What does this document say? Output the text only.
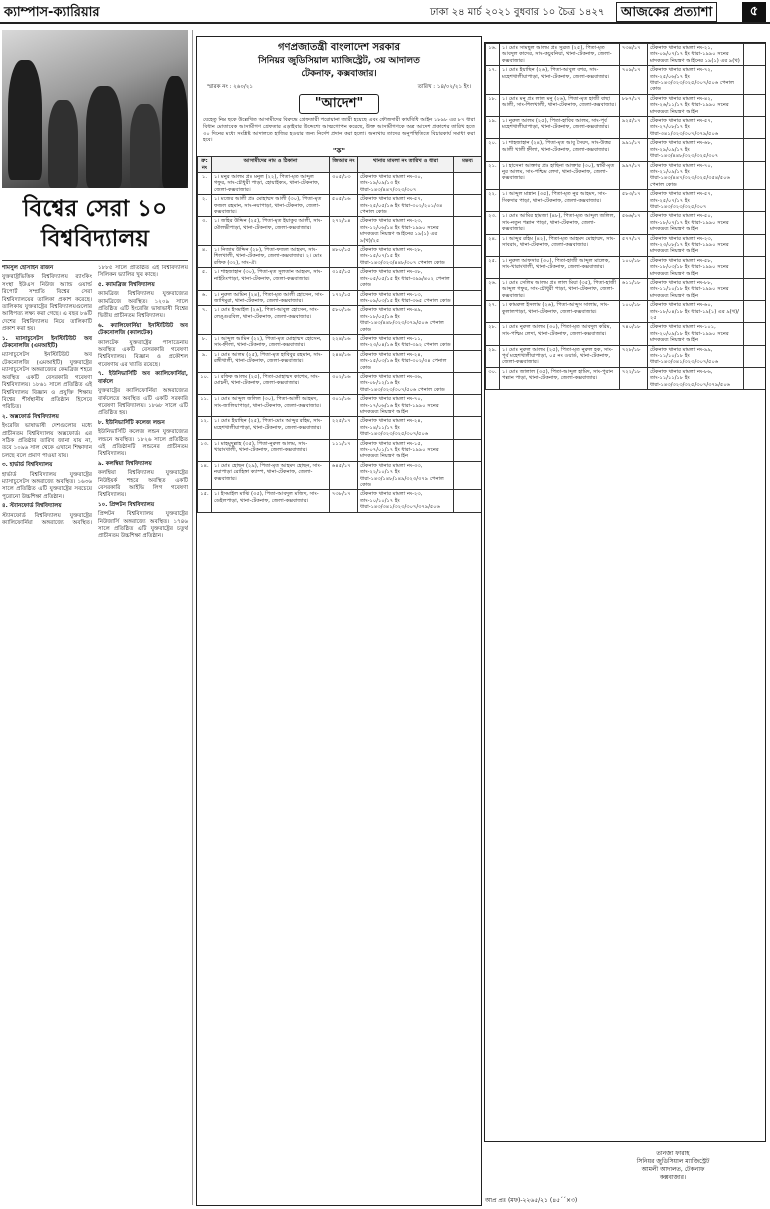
ক্যাম্পাস-ক্যারিয়ার	ঢাকা ২৪ মার্চ ২০২১ বুধবার ১০ চৈত্র ১৪২৭	আজকের প্রত্যাশা	৫
বিশ্বের সেরা ১০ বিশ্ববিদ্যালয়

শামসুল হোসাইন রাজন

যুক্তরাষ্ট্রভিত্তিক বিশ্ববিদ্যালয় র‍্যাংকিং সংস্থা ইউএস নিউজ অ্যান্ড ওয়ার্ল্ড রিপোর্ট সম্প্রতি বিশ্বের সেরা বিশ্ববিদ্যালয়ের তালিকা প্রকাশ করেছে। তালিকায় যুক্তরাষ্ট্রের বিশ্ববিদ্যালয়গুলোর আধিপত্য লক্ষ্য করা গেছে। এ বছর ৮৬টি দেশের বিশ্ববিদ্যালয় নিয়ে তালিকাটি প্রকাশ করা হয়।

১. ম্যাসাচুসেটস ইনস্টিটিউট অব টেকনোলজি (এমআইটি)

ম্যাসাচুসেটস ইনস্টিটিউট অব টেকনোলজি (এমআইটি) যুক্তরাষ্ট্রের ম্যাসাচুসেটস অঙ্গরাজ্যের কেমব্রিজ শহরে অবস্থিত একটি বেসরকারি গবেষণা বিশ্ববিদ্যালয়। ১৮৬১ সালে প্রতিষ্ঠিত এই বিশ্ববিদ্যালয় বিজ্ঞান ও প্রযুক্তি শিক্ষায় বিশ্বের শীর্ষস্থানীয় প্রতিষ্ঠান হিসেবে পরিচিত।

২. অক্সফোর্ড বিশ্ববিদ্যালয়

ইংরেজি ভাষাভাষী দেশগুলোর মধ্যে প্রাচীনতম বিশ্ববিদ্যালয় অক্সফোর্ড। এর সঠিক প্রতিষ্ঠার তারিখ জানা যায় না, তবে ১০৯৬ সাল থেকে এখানে শিক্ষাদান চলছে বলে প্রমাণ পাওয়া যায়।

৩. হার্ভার্ড বিশ্ববিদ্যালয়

হার্ভার্ড বিশ্ববিদ্যালয় যুক্তরাষ্ট্রের ম্যাসাচুসেটস অঙ্গরাজ্যে অবস্থিত। ১৬৩৬ সালে প্রতিষ্ঠিত এটি যুক্তরাষ্ট্রের সবচেয়ে পুরোনো উচ্চশিক্ষা প্রতিষ্ঠান।

৪. স্ট্যানফোর্ড বিশ্ববিদ্যালয়

স্ট্যানফোর্ড বিশ্ববিদ্যালয় যুক্তরাষ্ট্রের ক্যালিফোর্নিয়া অঙ্গরাজ্যে অবস্থিত। ১৮৮৫ সালে প্রতিষ্ঠিত এই বিশ্ববিদ্যালয় সিলিকন ভ্যালির খুব কাছে।

৫. ক্যামব্রিজ বিশ্ববিদ্যালয়

ক্যামব্রিজ বিশ্ববিদ্যালয় যুক্তরাজ্যের ক্যামব্রিজে অবস্থিত। ১২০৯ সালে প্রতিষ্ঠিত এটি ইংরেজি ভাষাভাষী বিশ্বের দ্বিতীয় প্রাচীনতম বিশ্ববিদ্যালয়।

৬. ক্যালিফোর্নিয়া ইনস্টিটিউট অব টেকনোলজি (ক্যালটেক)

ক্যালটেক যুক্তরাষ্ট্রের পাসাডেনায় অবস্থিত একটি বেসরকারি গবেষণা বিশ্ববিদ্যালয়। বিজ্ঞান ও প্রকৌশল গবেষণায় এর খ্যাতি রয়েছে।

৭. ইউনিভার্সিটি অব ক্যালিফোর্নিয়া, বার্কলে

যুক্তরাষ্ট্রের ক্যালিফোর্নিয়া অঙ্গরাজ্যের বার্কলেতে অবস্থিত এটি একটি সরকারি গবেষণা বিশ্ববিদ্যালয়। ১৮৬৮ সালে এটি প্রতিষ্ঠিত হয়।

৮. ইউনিভার্সিটি কলেজ লন্ডন

ইউনিভার্সিটি কলেজ লন্ডন যুক্তরাজ্যের লন্ডনে অবস্থিত। ১৮২৬ সালে প্রতিষ্ঠিত এই প্রতিষ্ঠানটি লন্ডনের প্রাচীনতম বিশ্ববিদ্যালয়।

৯. কলম্বিয়া বিশ্ববিদ্যালয়

কলম্বিয়া বিশ্ববিদ্যালয় যুক্তরাষ্ট্রের নিউইয়র্ক শহরে অবস্থিত একটি বেসরকারি আইভি লিগ গবেষণা বিশ্ববিদ্যালয়।

১০. প্রিন্সটন বিশ্ববিদ্যালয়

প্রিন্সটন বিশ্ববিদ্যালয় যুক্তরাষ্ট্রের নিউজার্সি অঙ্গরাজ্যে অবস্থিত। ১৭৪৬ সালে প্রতিষ্ঠিত এটি যুক্তরাষ্ট্রের চতুর্থ প্রাচীনতম উচ্চশিক্ষা প্রতিষ্ঠান।

গণপ্রজাতন্ত্রী বাংলাদেশ সরকার
সিনিয়র জুডিসিয়াল ম্যাজিস্ট্রেট, ৩য় আদালত
টেকনাফ, কক্সবাজার।
স্মারক নং : ২৬০/২১	তারিখ : ১৪/০২/২১ ইং।
"আদেশ"
যেহেতু নিম্ন ছকে উল্লেখিত আসামীদের বিরুদ্ধে গ্রেফতারী পরোয়ানা জারী হয়েছে এবং ফৌজদারী কার্যবিধি আইন ১৮৯৮ এর ৮৭ ধারা বিধান মোতাবেক আসামীগণ গ্রেফতার এড়াইবার উদ্দেশ্যে আত্মগোপন করেছে, উক্ত আসামীগণকে অত্র আদেশ প্রকাশের তারিখ হতে ৩০ দিনের মধ্যে সংশ্লিষ্ট আদালতে হাজির হওয়ার জন্য নির্দেশ প্রদান করা হলো। অন্যথায় তাদের অনুপস্থিতিতে বিচারকার্য সমাধা করা হবে।
"ক"
ক্র: নং	আসামীদের নাম ও ঠিকানা	জিআর নং	থানার মামলা নং তারিখ ও ধারা	মন্তব্য
১.	১। মনুর আলম প্রঃ মনুল (২২), পিতা-মৃত আব্দুল গফুর, সাং-চৌধুরী পাড়া, হোয়াইক্যং, থানা-টেকনাফ, জেলা-কক্সবাজার।	৩০৫/১৩	টেকনাফ থানার মামলা নং-৩০, তাং-১৯/০৯/১৩ ইং ধারা-১৪৩/৪৪৭/৩২৩/৩০৭	
২.	১। মজের আলী প্রঃ মোহাম্মদ আলী (৩০), পিতা-মৃত ফজল রহমান, সাং-নয়াপাড়া, থানা-টেকনাফ, জেলা-কক্সবাজার।	৫০৫/১৬	টেকনাফ থানার মামলা নং-৫৭, তাং-২৫/০৫/১৬ ইং ধারা-৩০২/২০১/৩৪ পেনাল কোড	
৩.	১। জহির উদ্দিন (২৫), পিতা-মৃত ইয়াকুব আলী, সাং-মৌলভীপাড়া, থানা-টেকনাফ, জেলা-কক্সবাজার।	২৭২/১৪	টেকনাফ থানার মামলা নং-২৩, তাং-১২/০৬/১৪ ইং ধারা-১৯৯০ সনের মাদকদ্রব্য নিয়ন্ত্রণ আইনের ১৯(১) এর ৯(খ)/২৫	
৪.	১। নিজাম উদ্দিন (২৮), পিতা-ফজল আহমদ, সাং-শিলখালী, থানা-টেকনাফ, জেলা-কক্সবাজার। ২। মোঃ রফিক (৩২), সাং-ঐ।	৪৮০/১৫	টেকনাফ থানার মামলা নং-২৮, তাং-১৫/০৭/১৫ ইং ধারা-১৪৩/৩২৩/৪৪৮/৩০৭ পেনাল কোড	
৫.	১। শাহজাহান (৩০), পিতা-মৃত সুলতান আহমদ, সাং-নাইট্যংপাড়া, থানা-টেকনাফ, জেলা-কক্সবাজার।	৩১৫/১৫	টেকনাফ থানার মামলা নং-৩৮, তাং-০৫/০৫/১৫ ইং ধারা-৩৯৯/৪০২ পেনাল কোড	
৬.	১। নুরুল আমিন (২৪), পিতা-মৃত আলী হোসেন, সাং-জাদিমুরা, থানা-টেকনাফ, জেলা-কক্সবাজার।	১৭২/১৫	টেকনাফ থানার মামলা নং-১৩, তাং-০৯/০৩/১৫ ইং ধারা-৩৬৫ পেনাল কোড	
৭.	১। মোঃ ইসমাইল (২৬), পিতা-আবুল হোসেন, সাং-লেঙ্গুরবিল, থানা-টেকনাফ, জেলা-কক্সবাজার।	৫৮০/১৬	টেকনাফ থানার মামলা নং-৪৯, তাং-১৮/০৫/১৬ ইং ধারা-১৪৩/৪৪৮/৩২৩/৩৭৯/৫০৬ পেনাল কোড	
৮.	১। আব্দুল আমিন (২২), পিতা-মৃত মোহাম্মদ হোসেন, সাং-হ্নীলা, থানা-টেকনাফ, জেলা-কক্সবাজার।	২২৪/১৬	টেকনাফ থানার মামলা নং-১১, তাং-২৩/০৪/১৬ ইং ধারা-৩৯২ পেনাল কোড	
৯.	১। মোঃ আলম (২৫), পিতা-মৃত হাবিবুর রহমান, সাং-রঙ্গীখালী, থানা-টেকনাফ, জেলা-কক্সবাজার।	২৪৪/১৬	টেকনাফ থানার মামলা নং-২৪, তাং-১৫/০৩/১৬ ইং ধারা-৩০২/৩৪ পেনাল কোড	
১০.	১। রফিক আলম (২৫), পিতা-মোহাম্মদ কাশেম, সাং-মোচনী, থানা-টেকনাফ, জেলা-কক্সবাজার।	৩০২/১৬	টেকনাফ থানার মামলা নং-৩৬, তাং-০৮/১২/১৬ ইং ধারা-১৪৩/৩২৩/৩০৭/৫০৬ পেনাল কোড	
১১.	১। মোঃ আব্দুল জলিল (৩০), পিতা-আলী আহমদ, সাং-জালিয়াপাড়া, থানা-টেকনাফ, জেলা-কক্সবাজার।	৩০১/১৬	টেকনাফ থানার মামলা নং-৭০, তাং-১৭/০৬/১৬ ইং ধারা-১৯৯০ সনের মাদকদ্রব্য নিয়ন্ত্রণ আইন	
১২.	১। মোঃ ইয়াছিন (২৫), পিতা-মোঃ আব্দুর রহিম, সাং-মহেশখালীয়াপাড়া, থানা-টেকনাফ, জেলা-কক্সবাজার।	২২৫/১৭	টেকনাফ থানার মামলা নং-২৪, তাং-১৪/১১/১৭ ইং ধারা-১৪৩/৩২৩/৩২৫/৩০৭/৫০৬	
১৩.	১। মাহমুদুল্লাহ (৩৫), পিতা-নুরুল আলম, সাং-খারাংখালী, থানা-টেকনাফ, জেলা-কক্সবাজার।	১১১/১৭	টেকনাফ থানার মামলা নং-১৫, তাং-০৭/০১/১৭ ইং ধারা-১৯৯০ সনের মাদকদ্রব্য নিয়ন্ত্রণ আইন	
১৪.	১। মোঃ হোছন (২৯), পিতা-মৃত আহমদ হোছন, সাং-নয়াপাড়া রোহিঙ্গা ক্যাম্প, থানা-টেকনাফ, জেলা-কক্সবাজার।	৬৪৫/১৭	টেকনাফ থানার মামলা নং-৩৩, তাং-২২/১০/১৭ ইং ধারা-১৪৩/১৪৮/১৪৯/৩২৩/৩৭৯ পেনাল কোড	
১৫.	১। ইসমাইল মাঝি (৩৫), পিতা-আবদুল মজিদ, সাং-ডেইলপাড়া, থানা-টেকনাফ, জেলা-কক্সবাজার।	৭৩৮/১৭	টেকনাফ থানার মামলা নং-২৩, তাং-১০/১০/১৭ ইং ধারা-১৪৩/৩৪১/৩২৩/৩০৭/৩৭৯/৫০৬	
১৬.	১। মোঃ সামছুল আলম প্রঃ সুব্রত (২৫), পিতা-মৃত আবদুল কাদের, সাং-কচুবনিয়া, থানা-টেকনাফ, জেলা-কক্সবাজার।	৭৩৪/১৭	টেকনাফ থানার মামলা নং-২১, তাং-০৯/০৭/১৭ ইং ধারা-১৯৯০ সনের মাদকদ্রব্য নিয়ন্ত্রণ আইনের ১৯(১) এর ৯(খ)	
১৭.	১। মোঃ ইয়াছিন (২৬), পিতা-আবুল বশর, সাং-মহেশখালীয়াপাড়া, থানা-টেকনাফ, জেলা-কক্সবাজার।	৭০৯/১৭	টেকনাফ থানার মামলা নং-৭২, তাং-২৫/০৬/১৭ ইং ধারা-১৪৩/৩২৩/৩২৫/৩০৭/৫০৬ পেনাল কোড	
১৮.	১। মোঃ মনু প্রঃ লাল মনু (২৬), পিতা-মৃত হাজী বাছা আলী, সাং-শিলখালী, থানা-টেকনাফ, জেলা-কক্সবাজার।	৮৮৭/১৭	টেকনাফ থানার মামলা নং-৪২, তাং-২৬/১১/১৭ ইং ধারা-১৯৯০ সনের মাদকদ্রব্য নিয়ন্ত্রণ আইন	
১৯.	১। নুরুল আলম (২৫), পিতা-হাবিব আলম, সাং-পূর্ব মহেশখালীয়াপাড়া, থানা-টেকনাফ, জেলা-কক্সবাজার।	৯২৫/১৭	টেকনাফ থানার মামলা নং-৫৭, তাং-২৭/০৮/১৭ ইং ধারা-৩৪১/৩২৩/৩০৭/৩৭৯/৫০৬	
২০.	১। শাহজাহান (২৪), পিতা-মৃত আবু সৈয়দ, সাং-উত্তর আলী খালী হ্নীলা, থানা-টেকনাফ, জেলা-কক্সবাজার।	৯৯১/১৭	টেকনাফ থানার মামলা নং-৬৮, তাং-২৯/০৯/১৭ ইং ধারা-১৪৩/৪৪৮/৩২৩/৩২৫/৩০৭	
২১.	১। হাসেনা আক্তার প্রঃ হাছিনা আক্তার (৩০), স্বামী-মৃত নুর আলম, সাং-পশ্চিম লেদা, থানা-টেকনাফ, জেলা-কক্সবাজার।	৯৯৭/১৭	টেকনাফ থানার মামলা নং-৭০, তাং-২১/০৯/১৭ ইং ধারা-১৪৩/৪৪৭/৩২৩/৩২৫/৩৫৪/৫০৬ পেনাল কোড	
২২.	১। আব্দুল মান্নান (৩৫), পিতা-মৃত নুর আহমদ, সাং-সিকদার পাড়া, থানা-টেকনাফ, জেলা-কক্সবাজার।	৫৮৩/১৭	টেকনাফ থানার মামলা নং-৫৭, তাং-২৫/০৭/১৭ ইং ধারা-১৪৩/৩২৩/৩২৫/৩০৭	
২৩.	১। মোঃ আমির হামজা (৪৮), পিতা-মৃত আব্দুল জলিল, সাং-নতুন পল্লান পাড়া, থানা-টেকনাফ, জেলা-কক্সবাজার।	৫৬৬/১৭	টেকনাফ থানার মামলা নং-৫০, তাং-১৮/০৭/১৭ ইং ধারা-১৯৯০ সনের মাদকদ্রব্য নিয়ন্ত্রণ আইন	
২৪.	১। আব্দুর রহিম (৪২), পিতা-মৃত আহমদ মোহাম্মদ, সাং-সাবরাং, থানা-টেকনাফ, জেলা-কক্সবাজার।	৫৭৭/১৭	টেকনাফ থানার মামলা নং-২৩, তাং-২৩/০৮/১৭ ইং ধারা-১৯৯০ সনের মাদকদ্রব্য নিয়ন্ত্রণ আইন	
২৫.	১। নুরুল আফসার (৩০), পিতা-হাজী আব্দুল মালেক, সাং-খারাংখালী, থানা-টেকনাফ, জেলা-কক্সবাজার।	১০০/১৮	টেকনাফ থানার মামলা নং-৫৮, তাং-১৮/০৩/১৮ ইং ধারা-১৯৯০ সনের মাদকদ্রব্য নিয়ন্ত্রণ আইন	
২৬.	১। মোঃ সেলিম আলম প্রঃ লাল মিয়া (৩৫), পিতা-হাজী আব্দুল গফুর, সাং-চৌধুরী পাড়া, থানা-টেকনাফ, জেলা-কক্সবাজার।	৬১১/১৮	টেকনাফ থানার মামলা নং-৮৮, তাং-১১/১০/১৮ ইং ধারা-১৯৯০ সনের মাদকদ্রব্য নিয়ন্ত্রণ আইন	
২৭.	১। কামরুল ইসলাম (২৬), পিতা-আব্দুস সালাম, সাং-কুলালপাড়া, থানা-টেকনাফ, জেলা-কক্সবাজার।	১০০/১৮	টেকনাফ থানার মামলা নং-৬০, তাং-১৮/০৪/১৮ ইং ধারা-১৯(১) এর ৯(খ)/২৫	
২৮.	১। মোঃ নুরুল আলম (৩০), পিতা-মৃত আবদুল করিম, সাং-পশ্চিম লেদা, থানা-টেকনাফ, জেলা-কক্সবাজার।	৭৪০/১৮	টেকনাফ থানার মামলা নং-১০১, তাং-২০/০৯/১৮ ইং ধারা-১৯৯০ সনের মাদকদ্রব্য নিয়ন্ত্রণ আইন	
২৯.	১। মোঃ নুরুল আলম (২৫), পিতা-মৃত নুরুল হক, সাং-পূর্ব মহেশখালীয়াপাড়া, ০৫ নং ওয়ার্ড, থানা-টেকনাফ, জেলা-কক্সবাজার।	৭২৮/১৮	টেকনাফ থানার মামলা নং-৯৯, তাং-১১/১০/১৮ ইং ধারা-১৪৩/৩৪১/৩২৩/৩০৭/৫০৬	
৩০.	১। মোঃ জালাল (৩৫), পিতা-আব্দুল হামিদ, সাং-পুরান পল্লান পাড়া, থানা-টেকনাফ, জেলা-কক্সবাজার।	৭২২/১৮	টেকনাফ থানার মামলা নং-৮৬, তাং-১১/১১/১৮ ইং ধারা-১৪৩/৩২৩/৩২৫/৩০৭/৩৭৯/৫০৬	
তানজা ফারাহ
সিনিয়র জুডিসিয়াল ম্যাজিস্ট্রেট
আমলী আদালত, টেকনাফ
কক্সবাজার।
আপ্র প্রঃ (মফ)-২২৬৫/২১ (৪৫´´×৩)
